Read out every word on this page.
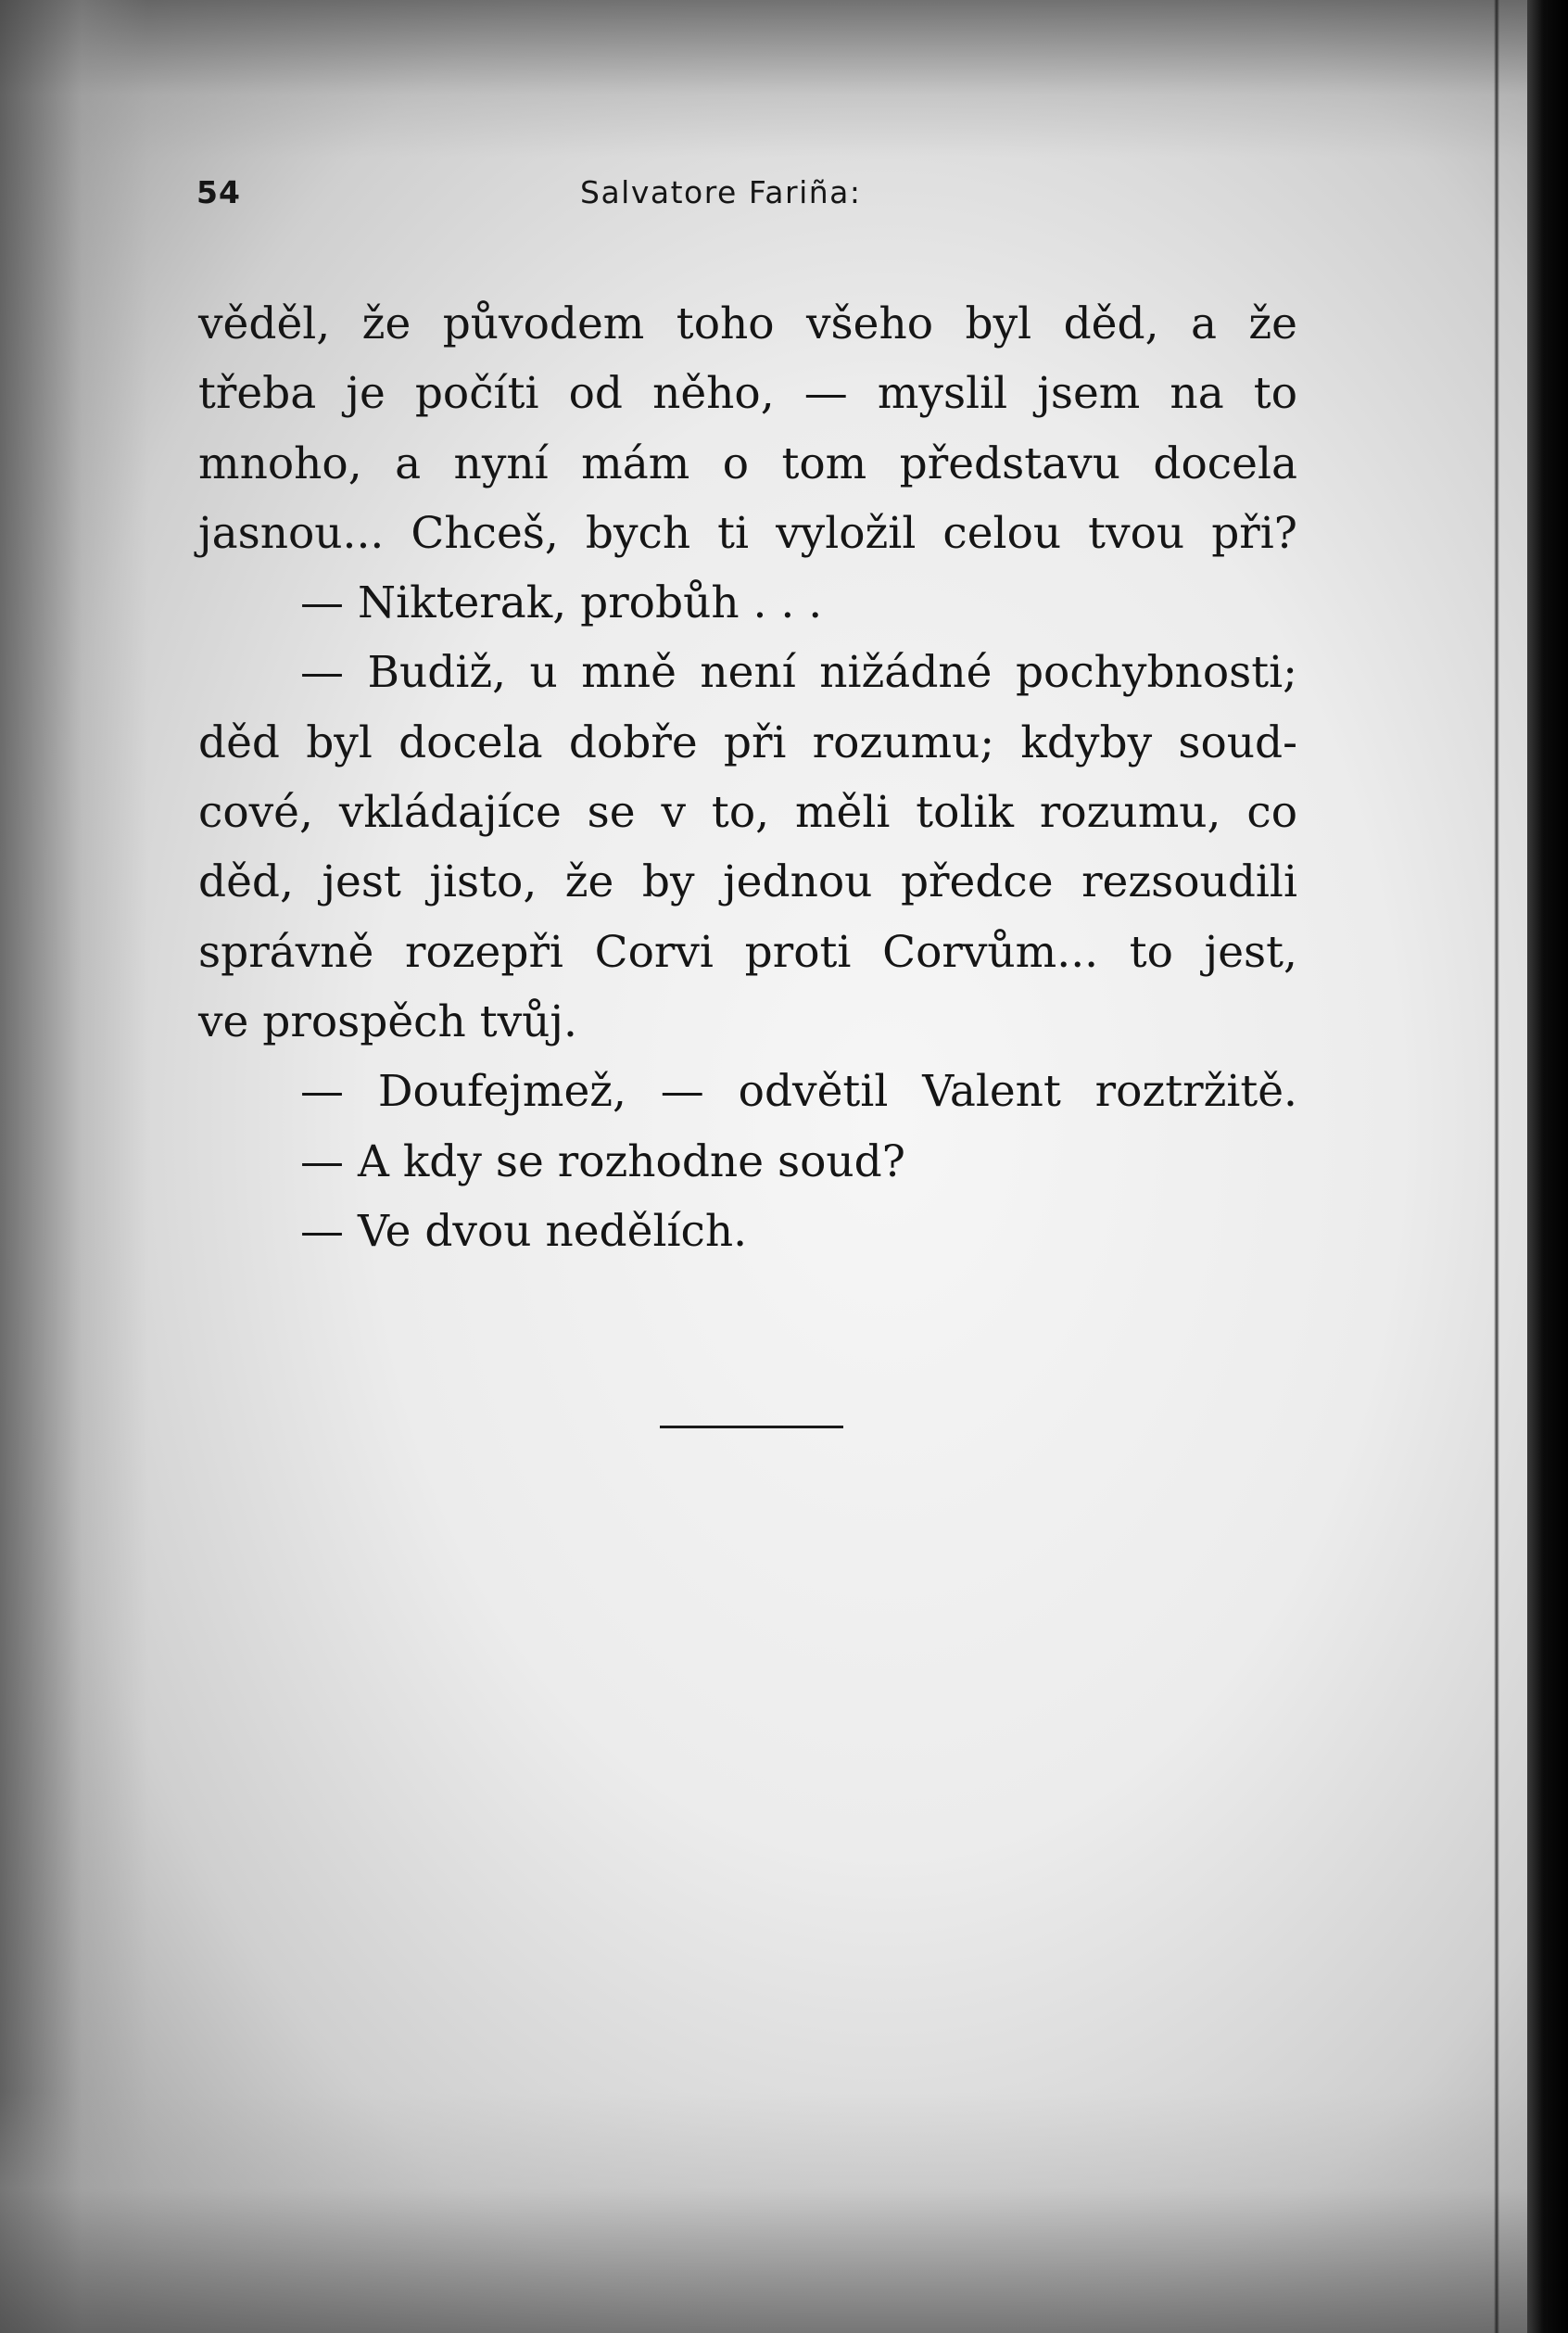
54	Salvatore Fariña:
věděl, že původem toho všeho byl děd, a že
třeba je počíti od něho, — myslil jsem na to
mnoho, a nyní mám o tom představu docela
jasnou... Chceš, bych ti vyložil celou tvou při?
— Nikterak, probůh . . .
— Budiž, u mně není nižádné pochybnosti;
děd byl docela dobře při rozumu; kdyby soud-
cové, vkládajíce se v to, měli tolik rozumu, co
děd, jest jisto, že by jednou předce rezsoudili
správně rozepři Corvi proti Corvům... to jest,
ve prospěch tvůj.
— Doufejmež, — odvětil Valent roztržitě.
— A kdy se rozhodne soud?
— Ve dvou nedělích.
